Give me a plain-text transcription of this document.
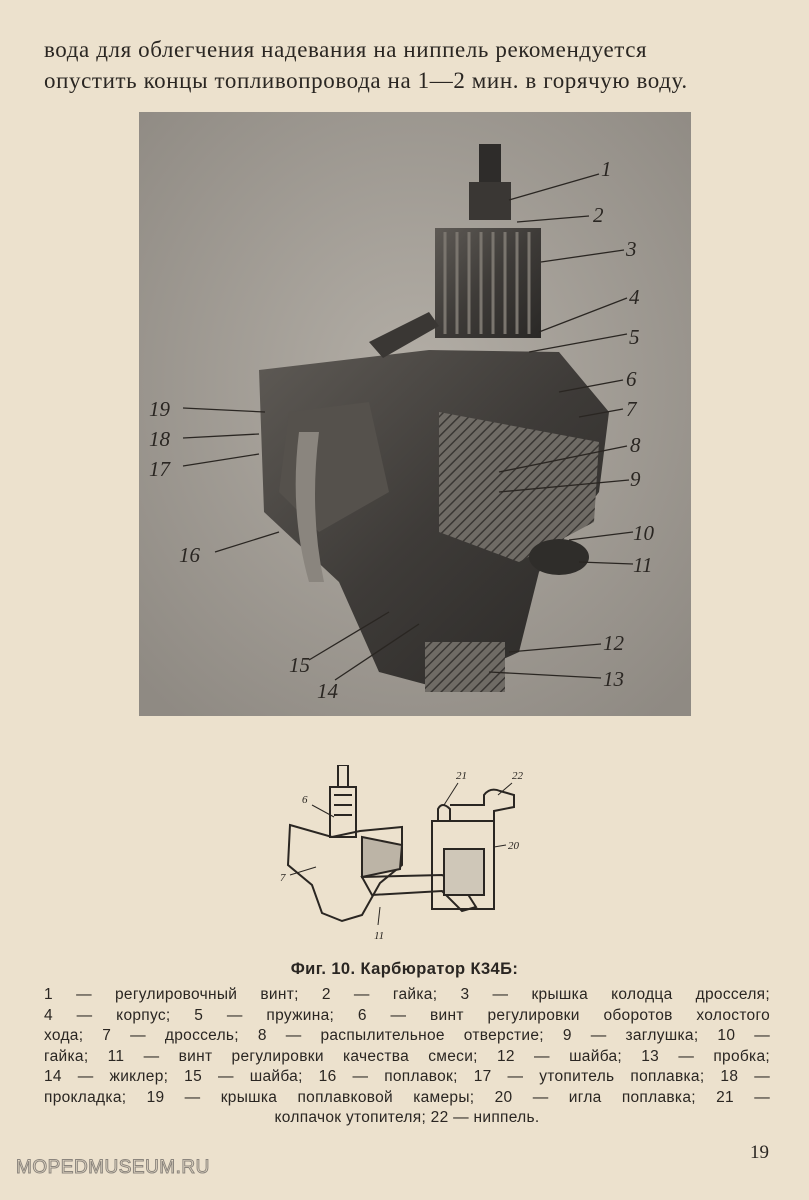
вода для облегчения надевания на ниппель рекомендуется
опустить концы топливопровода на 1—2 мин. в горячую воду.
1
2
3
4
5
6
7
8
9
10
11
12
13
14
15
16
17
18
19
6
7
11
21	22
20
Фиг. 10. Карбюратор К34Б:
1 — регулировочный винт; 2 — гайка; 3 — крышка колодца дросселя;
4 — корпус; 5 — пружина; 6 — винт регулировки оборотов холостого
хода; 7 — дроссель; 8 — распылительное отверстие; 9 — заглушка; 10 —
гайка; 11 — винт регулировки качества смеси; 12 — шайба; 13 — пробка;
14 — жиклер; 15 — шайба; 16 — поплавок; 17 — утопитель поплавка; 18 —
прокладка; 19 — крышка поплавковой камеры; 20 — игла поплавка; 21 —
колпачок утопителя; 22 — ниппель.
MOPEDMUSEUM.RU
19
